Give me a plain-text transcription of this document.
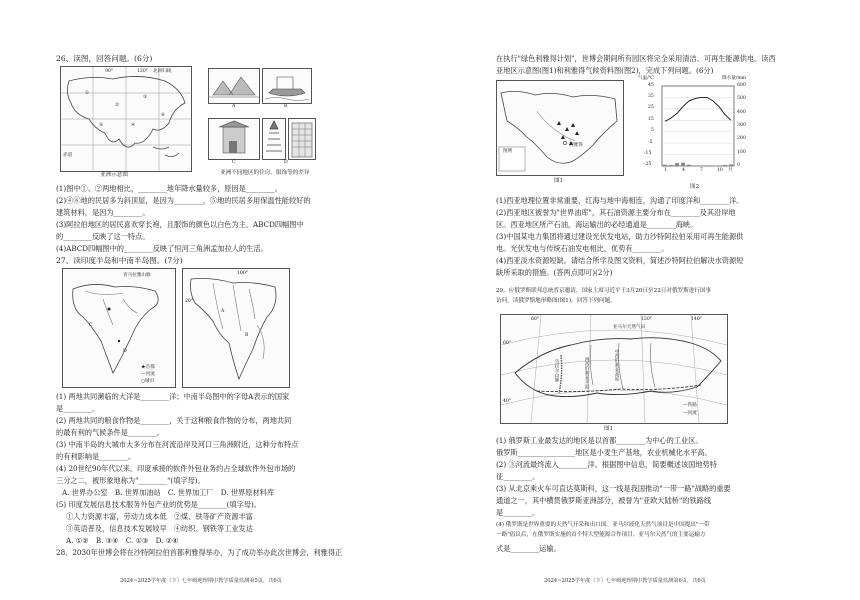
26、读图，回答问题。(6分)
90°	120° 北回归线
①
②
③
④
⑤
⑥
赤道
亚洲示意图
A	B
C	D
亚洲不同地区的住房、服饰等的差异
(1)图中①、②两地相比，________地年降水量较多，原因是________。
(2)④⑥地的民居多为斜顶屋，是因为________，⑤地的民居多用保温性能较好的
建筑材料，是因为________。
(3)阿拉伯地区的居民喜欢穿长袍，且服饰的颜色以白色为主，ABCD四幅图中
的________反映了这一特点。
(4)ABCD四幅图中的________反映了恒河三角洲孟加拉人的生活。
27、读印度半岛和中南半岛图。(7分)
喜马拉雅山脉
C
D
★首都
—河流
○城市
100°
20°
A
B
(1) 两地共同濒临的大洋是________洋；中南半岛图中的字母A表示的国家
是________。
(2) 两地共同的粮食作物是________，关于这种粮食作物的分布，两地共同
的最有利的气候条件是________。
(3) 中南半岛的大城市大多分布在河流沿岸及河口三角洲附近，这种分布特点
的有利影响是________。
(4) 20世纪90年代以来，印度承接的软件外包业务约占全球软件外包市场的
三分之二，被形象地称为"________"(填字母)。
A. 世界办公室　B. 世界加油站　C. 世界加工厂　D. 世界原材料库
(5) 印度发展信息技术服务外包产业的优势是________(填字母)。
①人力资源丰富，劳动力成本低　②煤、铁等矿产资源丰富
③英语普及，信息技术发展较早　④纺织、钢铁等工业发达
A. ①②　B. ③④　C. ①③　D. ②④
28、2030年世博会将在沙特阿拉伯首都利雅得举办，为了成功举办此次世博会，利雅得正
2024~2025学年度（下）七年级地理期中教学质量监测第5页，共6页
在执行"绿色利雅得计划"，世博会期间所有园区将完全采用清洁、可再生能源供电。读西
亚地区示意图(图1)和利雅得气候资料图(图2)，完成下列问题。(6分)
利雅得
图例
图1
气温/℃	降水量/mm
45
35
25
15
5
-5
-15
-25
600
500
400
300
200
100
0
1	4	7	10 月
图2
(1)西亚地理位置非常重要，红海与地中海相连，沟通了印度洋和________洋。
(2)西亚地区被誉为"世界油库"，其石油资源主要分布在________及其沿岸地
区。西亚地区所产石油，海运输出的必经通道是________海峡。
(3)中国某电力集团将通过建设光伏发电站，助力沙特阿拉伯采用可再生能源供
电。光伏发电与传统石油发电相比，优势有________。
(4)西亚淡水资源短缺。请结合所学及图文资料，简述沙特阿拉伯解决水资源短
缺所采取的措施。(答两点即可)(2分)
29、应俄罗斯联邦总统普京邀请，国家主席习近平于3月20日至22日对俄罗斯进行国事
访问。读俄罗斯地形略图(图1)，回答下列问题。
亚马尔天然气田
西西伯利亚平原	中西伯利亚高原
乌拉尔山脉
60°
40°
60°	120°	140°
—铁路
—河流
图1
(1) 俄罗斯工业最发达的地区是以首都________为中心的工业区。
俄罗斯________________地区是小麦生产基地，农业机械化水平高。
(2) ③河流最终流入________洋。根据图中信息，简要概述该国地势特
征________。
(3) 从北京乘火车可直达莫斯科，这一线是我国推动"一带一路"战略的重要
通道之一，其中横贯俄罗斯亚洲部分，被誉为"亚欧大陆桥"的铁路线
是________。
(4) 俄罗斯是世界重要的天然气开采和出口国。亚马尔液化天然气项目是中国提出"一带
一路"倡议后，在俄罗斯实施的首个特大型能源合作项目。亚马尔天然气的主要运输方
式是________运输。
2024~2025学年度（下）七年级地理期中教学质量监测第6页，共6页
